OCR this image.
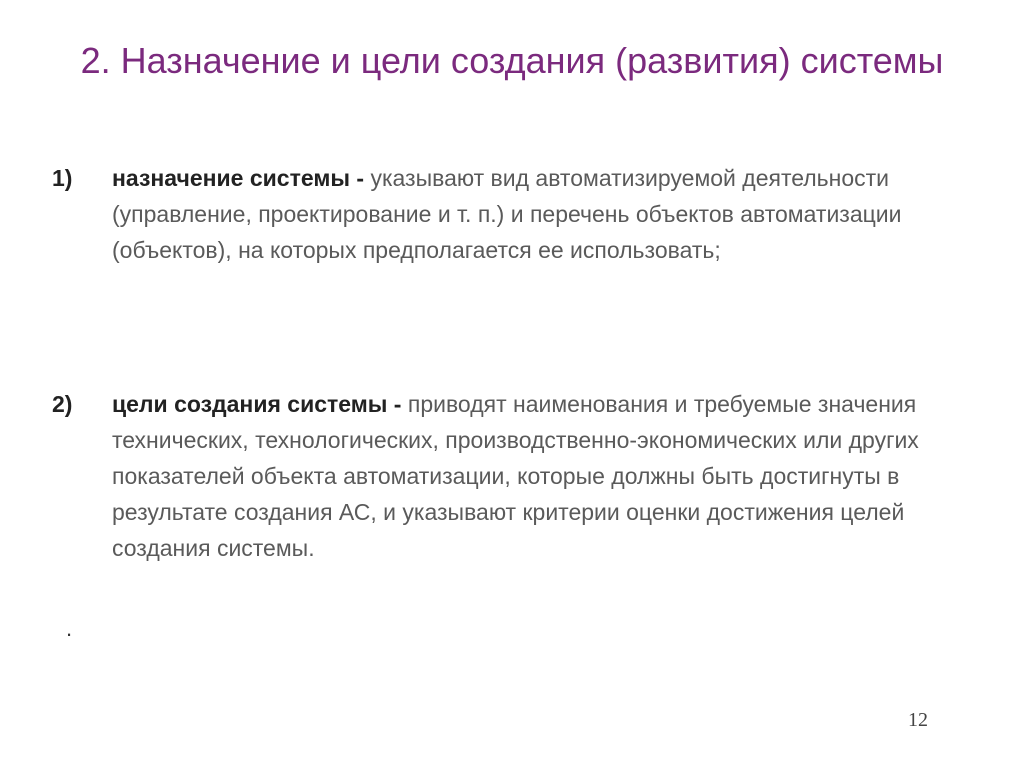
2. Назначение и цели создания (развития) системы
1) назначение системы - указывают вид автоматизируемой деятельности (управление, проектирование и т. п.) и перечень объектов автоматизации (объектов), на которых предполагается ее использовать;
2) цели создания системы - приводят наименования и требуемые значения технических, технологических, производственно-экономических или других показателей объекта автоматизации, которые должны быть достигнуты в результате создания АС, и указывают критерии оценки достижения целей создания системы.
.
12
